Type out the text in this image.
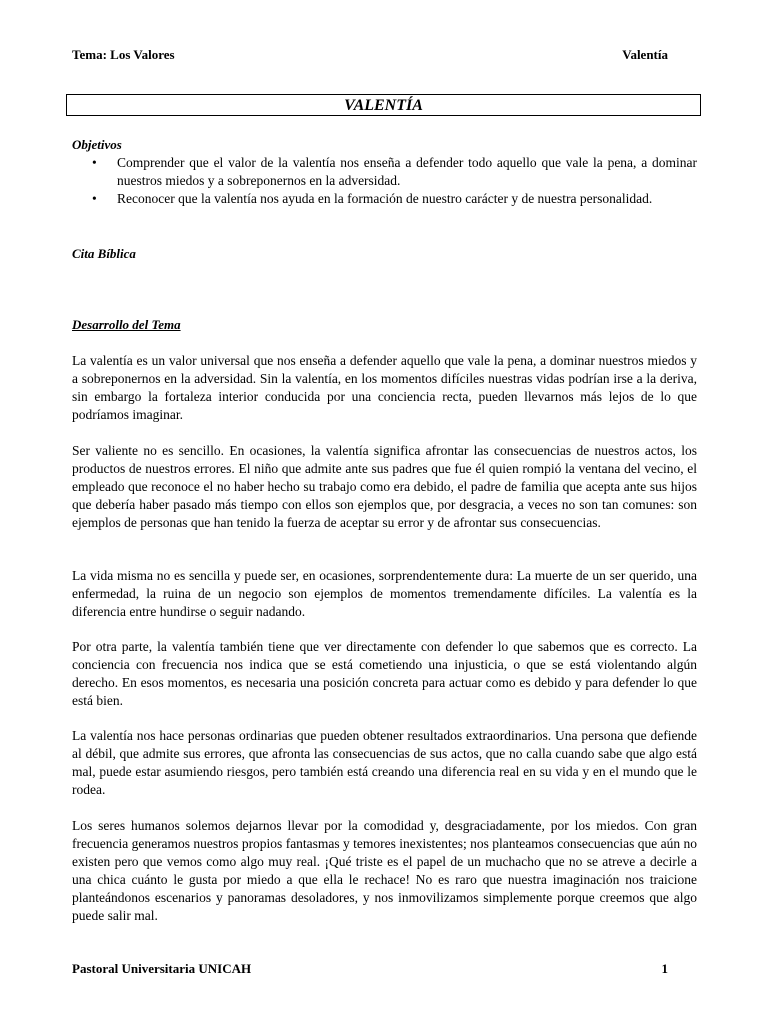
Tema: Los Valores	Valentía
VALENTÍA
Objetivos
• Comprender que el valor de la valentía nos enseña a defender todo aquello que vale la pena, a dominar nuestros miedos y a sobreponernos en la adversidad.
• Reconocer que la valentía nos ayuda en la formación de nuestro carácter y de nuestra personalidad.
Cita Bíblica
Desarrollo del Tema

La valentía es un valor universal que nos enseña a defender aquello que vale la pena, a dominar nuestros miedos y a sobreponernos en la adversidad. Sin la valentía, en los momentos difíciles nuestras vidas podrían irse a la deriva, sin embargo la fortaleza interior conducida por una conciencia recta, pueden llevarnos más lejos de lo que podríamos imaginar.

Ser valiente no es sencillo. En ocasiones, la valentía significa afrontar las consecuencias de nuestros actos, los productos de nuestros errores. El niño que admite ante sus padres que fue él quien rompió la ventana del vecino, el empleado que reconoce el no haber hecho su trabajo como era debido, el padre de familia que acepta ante sus hijos que debería haber pasado más tiempo con ellos son ejemplos que, por desgracia, a veces no son tan comunes: son ejemplos de personas que han tenido la fuerza de aceptar su error y de afrontar sus consecuencias.

La vida misma no es sencilla y puede ser, en ocasiones, sorprendentemente dura: La muerte de un ser querido, una enfermedad, la ruina de un negocio son ejemplos de momentos tremendamente difíciles. La valentía es la diferencia entre hundirse o seguir nadando.

Por otra parte, la valentía también tiene que ver directamente con defender lo que sabemos que es correcto. La conciencia con frecuencia nos indica que se está cometiendo una injusticia, o que se está violentando algún derecho. En esos momentos, es necesaria una posición concreta para actuar como es debido y para defender lo que está bien.

La valentía nos hace personas ordinarias que pueden obtener resultados extraordinarios. Una persona que defiende al débil, que admite sus errores, que afronta las consecuencias de sus actos, que no calla cuando sabe que algo está mal, puede estar asumiendo riesgos, pero también está creando una diferencia real en su vida y en el mundo que le rodea.

Los seres humanos solemos dejarnos llevar por la comodidad y, desgraciadamente, por los miedos. Con gran frecuencia generamos nuestros propios fantasmas y temores inexistentes; nos planteamos consecuencias que aún no existen pero que vemos como algo muy real. ¡Qué triste es el papel de un muchacho que no se atreve a decirle a una chica cuánto le gusta por miedo a que ella le rechace! No es raro que nuestra imaginación nos traicione planteándonos escenarios y panoramas desoladores, y nos inmovilizamos simplemente porque creemos que algo puede salir mal.

Pastoral Universitaria UNICAH	1
